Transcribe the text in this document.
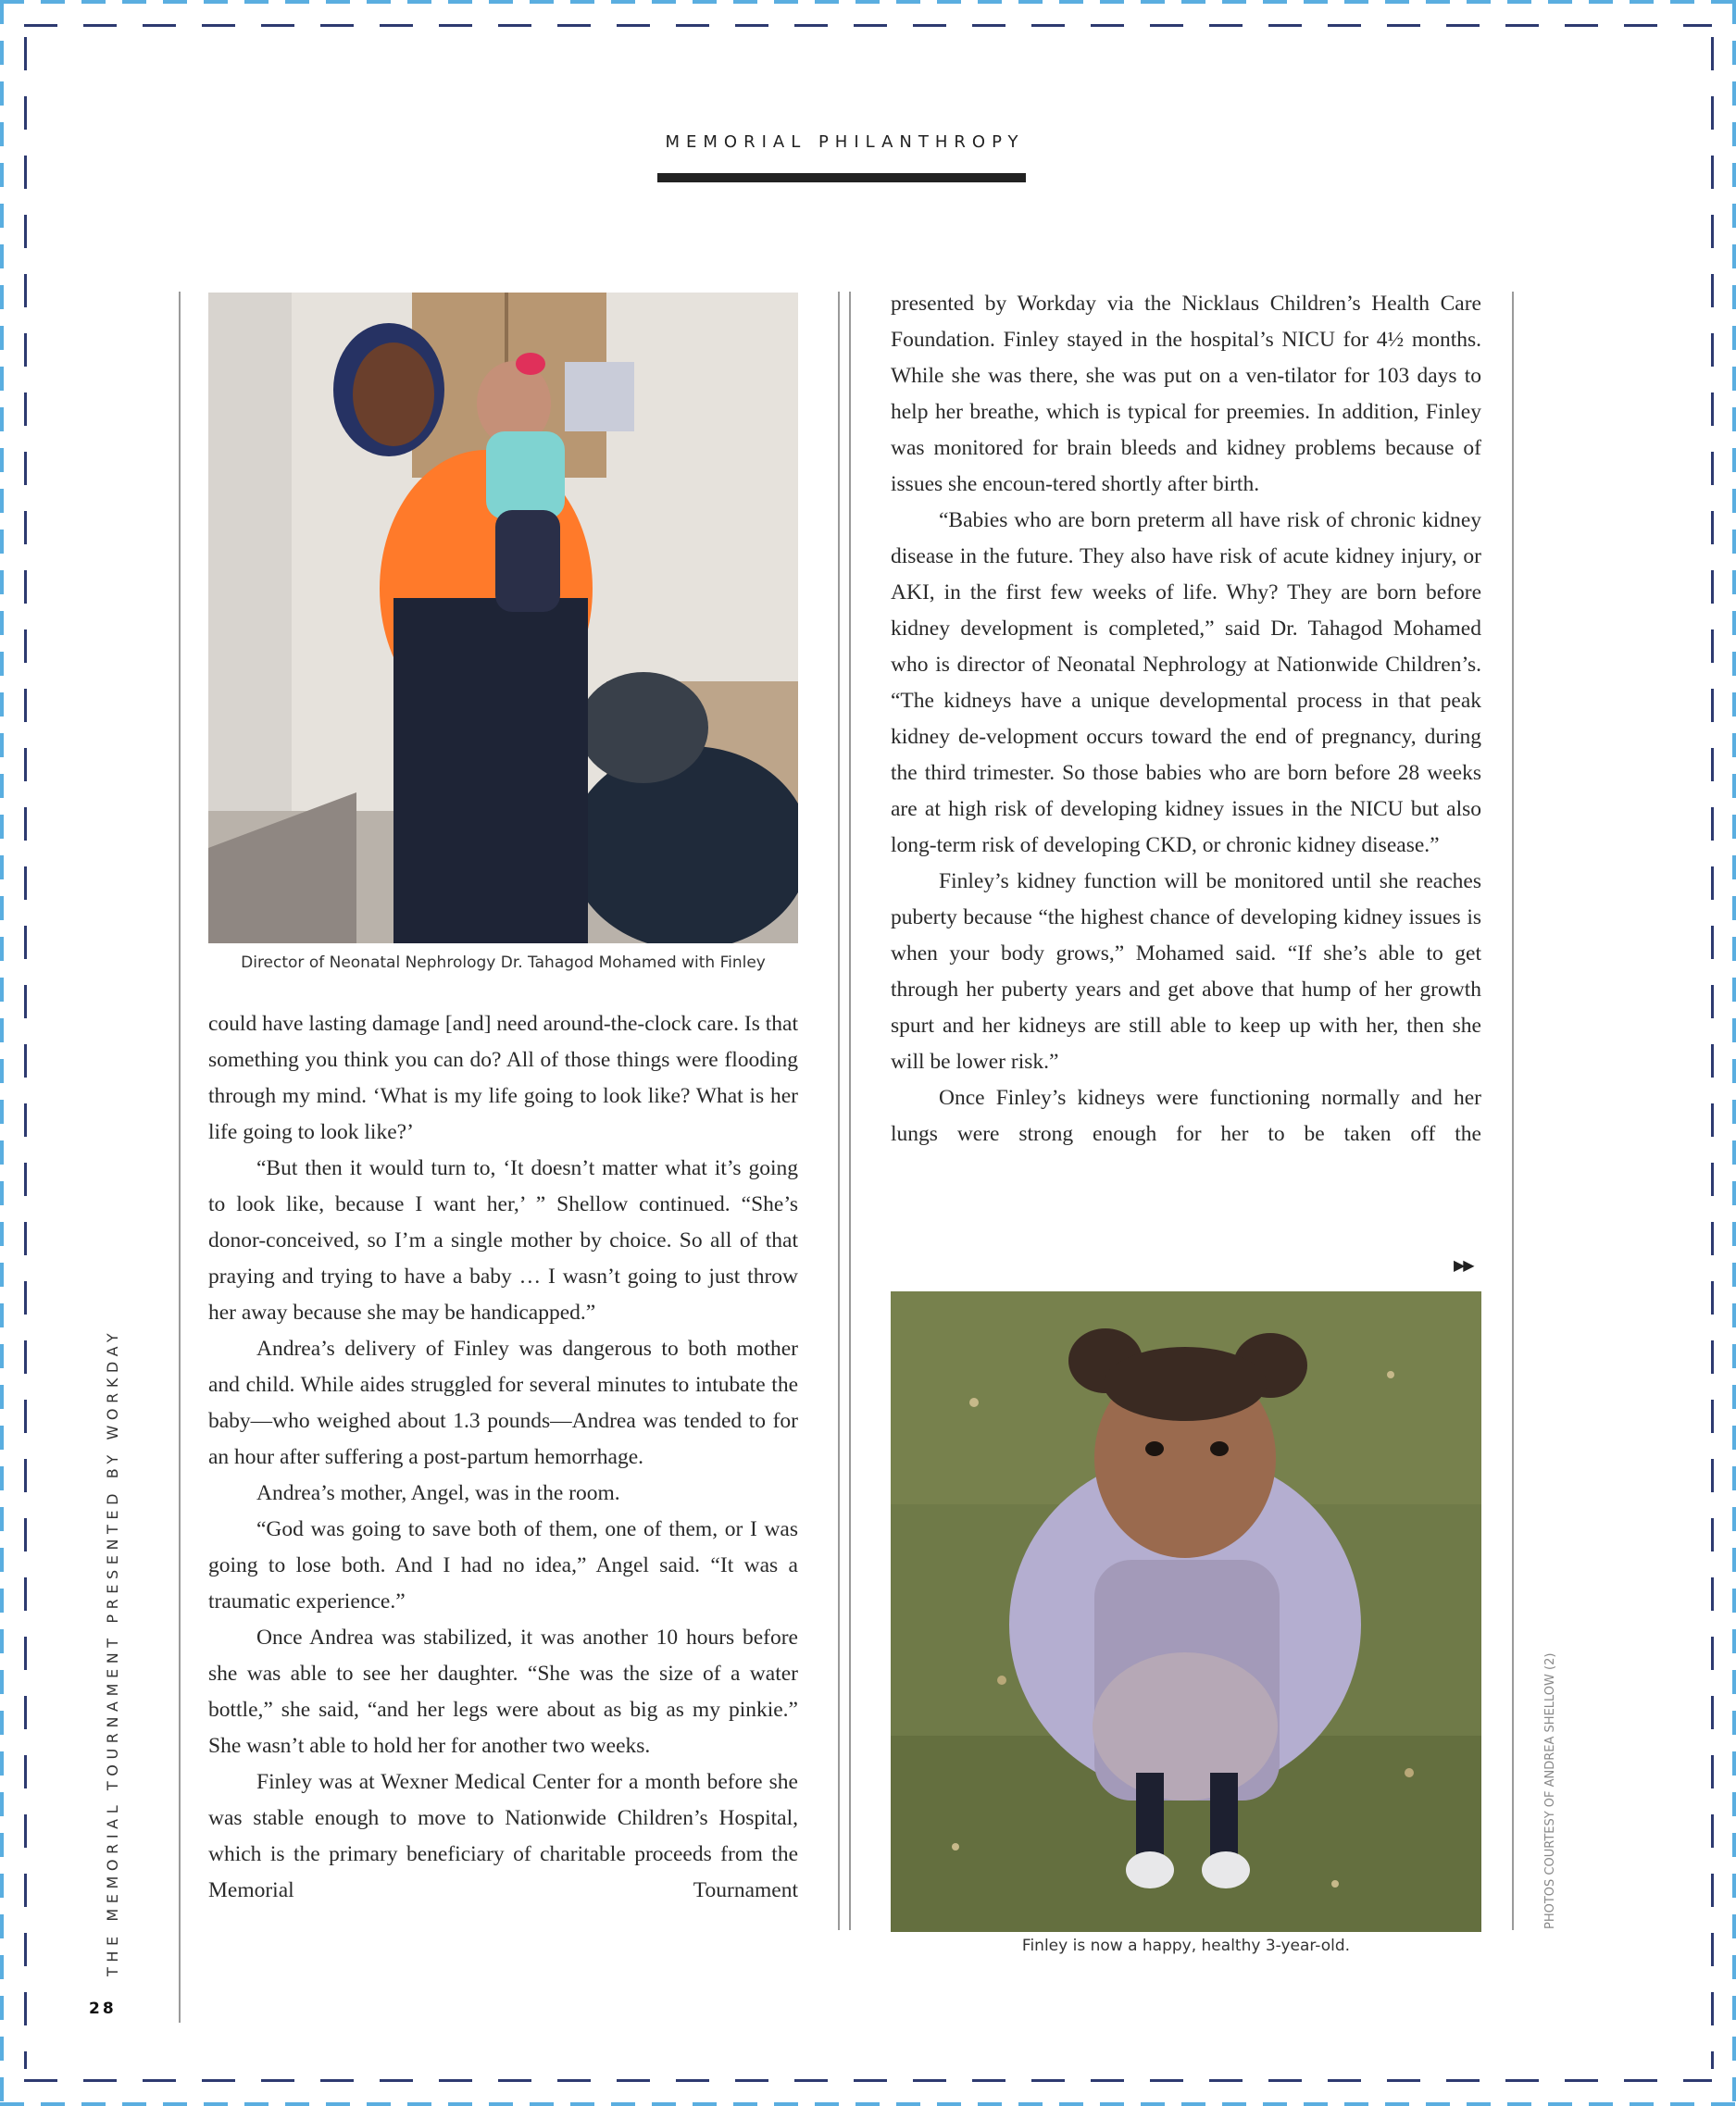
MEMORIAL PHILANTHROPY
THE MEMORIAL TOURNAMENT PRESENTED BY WORKDAY	PHOTOS COURTESY OF ANDREA SHELLOW (2)
28
Director of Neonatal Nephrology Dr. Tahagod Mohamed with Finley

could have lasting damage [and] need around-the-clock care. Is that something you think you can do? All of those things were flooding through my mind. ‘What is my life going to look like? What is her life going to look like?’

“But then it would turn to, ‘It doesn’t matter what it’s going to look like, because I want her,’ ” Shellow continued. “She’s donor-conceived, so I’m a single mother by choice. So all of that praying and trying to have a baby … I wasn’t going to just throw her away because she may be handicapped.”

Andrea’s delivery of Finley was dangerous to both mother and child. While aides struggled for several minutes to intubate the baby—who weighed about 1.3 pounds—Andrea was tended to for an hour after suffering a post-partum hemorrhage.

Andrea’s mother, Angel, was in the room.

“God was going to save both of them, one of them, or I was going to lose both. And I had no idea,” Angel said. “It was a traumatic experience.”

Once Andrea was stabilized, it was another 10 hours before she was able to see her daughter. “She was the size of a water bottle,” she said, “and her legs were about as big as my pinkie.” She wasn’t able to hold her for another two weeks.

Finley was at Wexner Medical Center for a month before she was stable enough to move to Nationwide Children’s Hospital, which is the primary beneficiary of charitable proceeds from the Memorial Tournament

presented by Workday via the Nicklaus Children’s Health Care Foundation. Finley stayed in the hospital’s NICU for 4½ months. While she was there, she was put on a ven-tilator for 103 days to help her breathe, which is typical for preemies. In addition, Finley was monitored for brain bleeds and kidney problems because of issues she encoun-tered shortly after birth.

“Babies who are born preterm all have risk of chronic kidney disease in the future. They also have risk of acute kidney injury, or AKI, in the first few weeks of life. Why? They are born before kidney development is completed,” said Dr. Tahagod Mohamed who is director of Neonatal Nephrology at Nationwide Children’s. “The kidneys have a unique developmental process in that peak kidney de-velopment occurs toward the end of pregnancy, during the third trimester. So those babies who are born before 28 weeks are at high risk of developing kidney issues in the NICU but also long-term risk of developing CKD, or chronic kidney disease.”

Finley’s kidney function will be monitored until she reaches puberty because “the highest chance of developing kidney issues is when your body grows,” Mohamed said. “If she’s able to get through her puberty years and get above that hump of her growth spurt and her kidneys are still able to keep up with her, then she will be lower risk.”

Once Finley’s kidneys were functioning normally and her lungs were strong enough for her to be taken off the

▶▶
Finley is now a happy, healthy 3-year-old.
